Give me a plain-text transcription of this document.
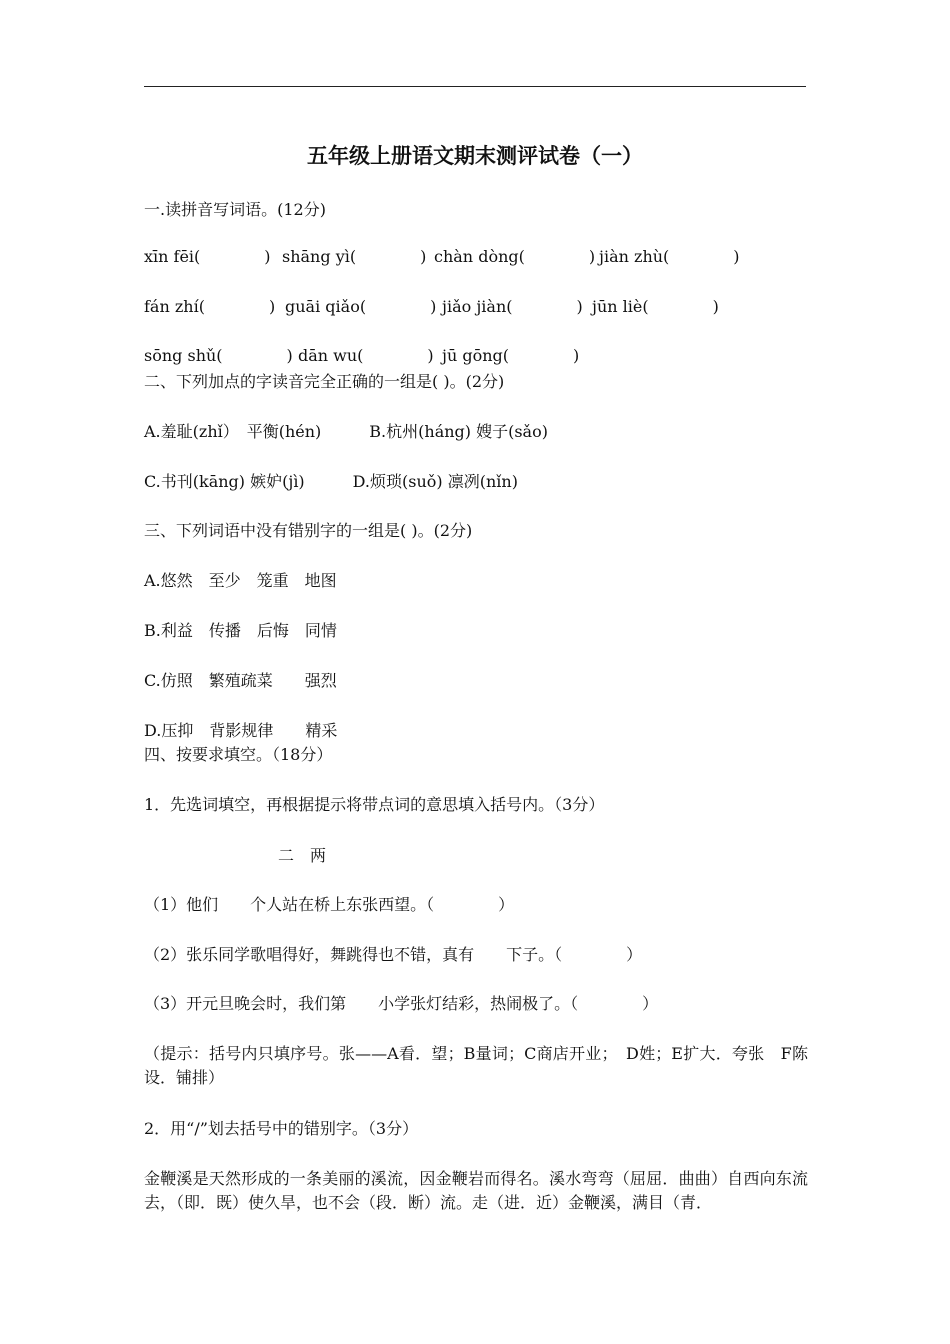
五年级上册语文期末测评试卷（一）
一.读拼音写词语。(12分)
xīn fēi(　　　　) shāng yì(　　　　) chàn dòng(　　　　) jiàn zhù(　　　　)
fán zhí(　　　　) guāi qiǎo(　　　　) jiǎo jiàn(　　　　) jūn liè(　　　　)
sōng shǔ(　　　　) dān wu(　　　　) jū gōng(　　　　)
二、下列加点的字读音完全正确的一组是( )。(2分)
A.羞耻(zhǐ）　平衡(hén)　　　B.杭州(háng) 嫂子(sǎo)
C.书刊(kāng) 嫉妒(jì)　　　D.烦琐(suǒ) 凛冽(nǐn)
三、下列词语中没有错别字的一组是( )。(2分)
A.悠然　至少　笼重　地图
B.利益　传播　后悔　同情
C.仿照　繁殖疏菜　　强烈
D.压抑　背影规律　　精采
四、按要求填空。（18分）
1．先选词填空，再根据提示将带点词的意思填入括号内。（3分）
二　两
（1）他们　　个人站在桥上东张西望。（　　　　）
（2）张乐同学歌唱得好，舞跳得也不错，真有　　下子。（　　　　）
（3）开元旦晚会时，我们第　　小学张灯结彩，热闹极了。（　　　　）
（提示：括号内只填序号。张——A看．望；B量词；C商店开业；　D姓；E扩大．夸张　F陈设．铺排）
2．用“/”划去括号中的错别字。（3分）
金鞭溪是天然形成的一条美丽的溪流，因金鞭岩而得名。溪水弯弯（屈屈．曲曲）自西向东流去，（即．既）使久旱，也不会（段．断）流。走（进．近）金鞭溪，满目（青．
